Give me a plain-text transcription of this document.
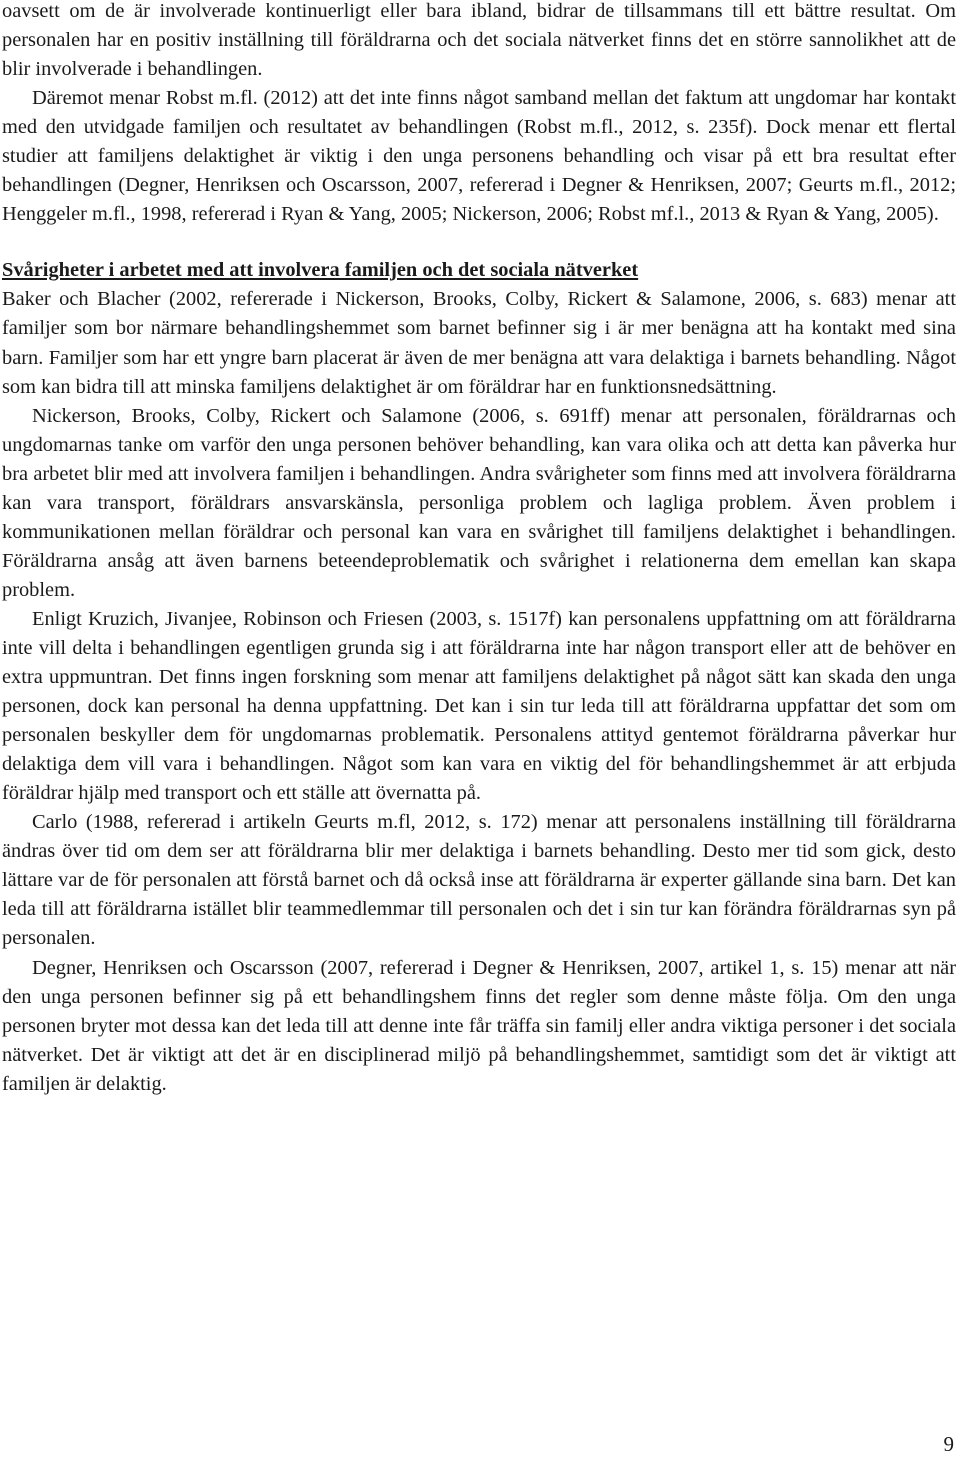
oavsett om de är involverade kontinuerligt eller bara ibland, bidrar de tillsammans till ett bättre resultat. Om personalen har en positiv inställning till föräldrarna och det sociala nätverket finns det en större sannolikhet att de blir involverade i behandlingen.

Däremot menar Robst m.fl. (2012) att det inte finns något samband mellan det faktum att ungdomar har kontakt med den utvidgade familjen och resultatet av behandlingen (Robst m.fl., 2012, s. 235f). Dock menar ett flertal studier att familjens delaktighet är viktig i den unga personens behandling och visar på ett bra resultat efter behandlingen (Degner, Henriksen och Oscarsson, 2007, refererad i Degner & Henriksen, 2007; Geurts m.fl., 2012; Henggeler m.fl., 1998, refererad i Ryan & Yang, 2005; Nickerson, 2006; Robst mf.l., 2013 & Ryan & Yang, 2005).

Svårigheter i arbetet med att involvera familjen och det sociala nätverket

Baker och Blacher (2002, refererade i Nickerson, Brooks, Colby, Rickert & Salamone, 2006, s. 683) menar att familjer som bor närmare behandlingshemmet som barnet befinner sig i är mer benägna att ha kontakt med sina barn. Familjer som har ett yngre barn placerat är även de mer benägna att vara delaktiga i barnets behandling. Något som kan bidra till att minska familjens delaktighet är om föräldrar har en funktionsnedsättning.

Nickerson, Brooks, Colby, Rickert och Salamone (2006, s. 691ff) menar att personalen, föräldrarnas och ungdomarnas tanke om varför den unga personen behöver behandling, kan vara olika och att detta kan påverka hur bra arbetet blir med att involvera familjen i behandlingen. Andra svårigheter som finns med att involvera föräldrarna kan vara transport, föräldrars ansvarskänsla, personliga problem och lagliga problem. Även problem i kommunikationen mellan föräldrar och personal kan vara en svårighet till familjens delaktighet i behandlingen. Föräldrarna ansåg att även barnens beteendeproblematik och svårighet i relationerna dem emellan kan skapa problem.

Enligt Kruzich, Jivanjee, Robinson och Friesen (2003, s. 1517f) kan personalens uppfattning om att föräldrarna inte vill delta i behandlingen egentligen grunda sig i att föräldrarna inte har någon transport eller att de behöver en extra uppmuntran. Det finns ingen forskning som menar att familjens delaktighet på något sätt kan skada den unga personen, dock kan personal ha denna uppfattning. Det kan i sin tur leda till att föräldrarna uppfattar det som om personalen beskyller dem för ungdomarnas problematik. Personalens attityd gentemot föräldrarna påverkar hur delaktiga dem vill vara i behandlingen. Något som kan vara en viktig del för behandlingshemmet är att erbjuda föräldrar hjälp med transport och ett ställe att övernatta på.

Carlo (1988, refererad i artikeln Geurts m.fl, 2012, s. 172) menar att personalens inställning till föräldrarna ändras över tid om dem ser att föräldrarna blir mer delaktiga i barnets behandling. Desto mer tid som gick, desto lättare var de för personalen att förstå barnet och då också inse att föräldrarna är experter gällande sina barn. Det kan leda till att föräldrarna istället blir teammedlemmar till personalen och det i sin tur kan förändra föräldrarnas syn på personalen.

Degner, Henriksen och Oscarsson (2007, refererad i Degner & Henriksen, 2007, artikel 1, s. 15) menar att när den unga personen befinner sig på ett behandlingshem finns det regler som denne måste följa. Om den unga personen bryter mot dessa kan det leda till att denne inte får träffa sin familj eller andra viktiga personer i det sociala nätverket. Det är viktigt att det är en disciplinerad miljö på behandlingshemmet, samtidigt som det är viktigt att familjen är delaktig.

9
